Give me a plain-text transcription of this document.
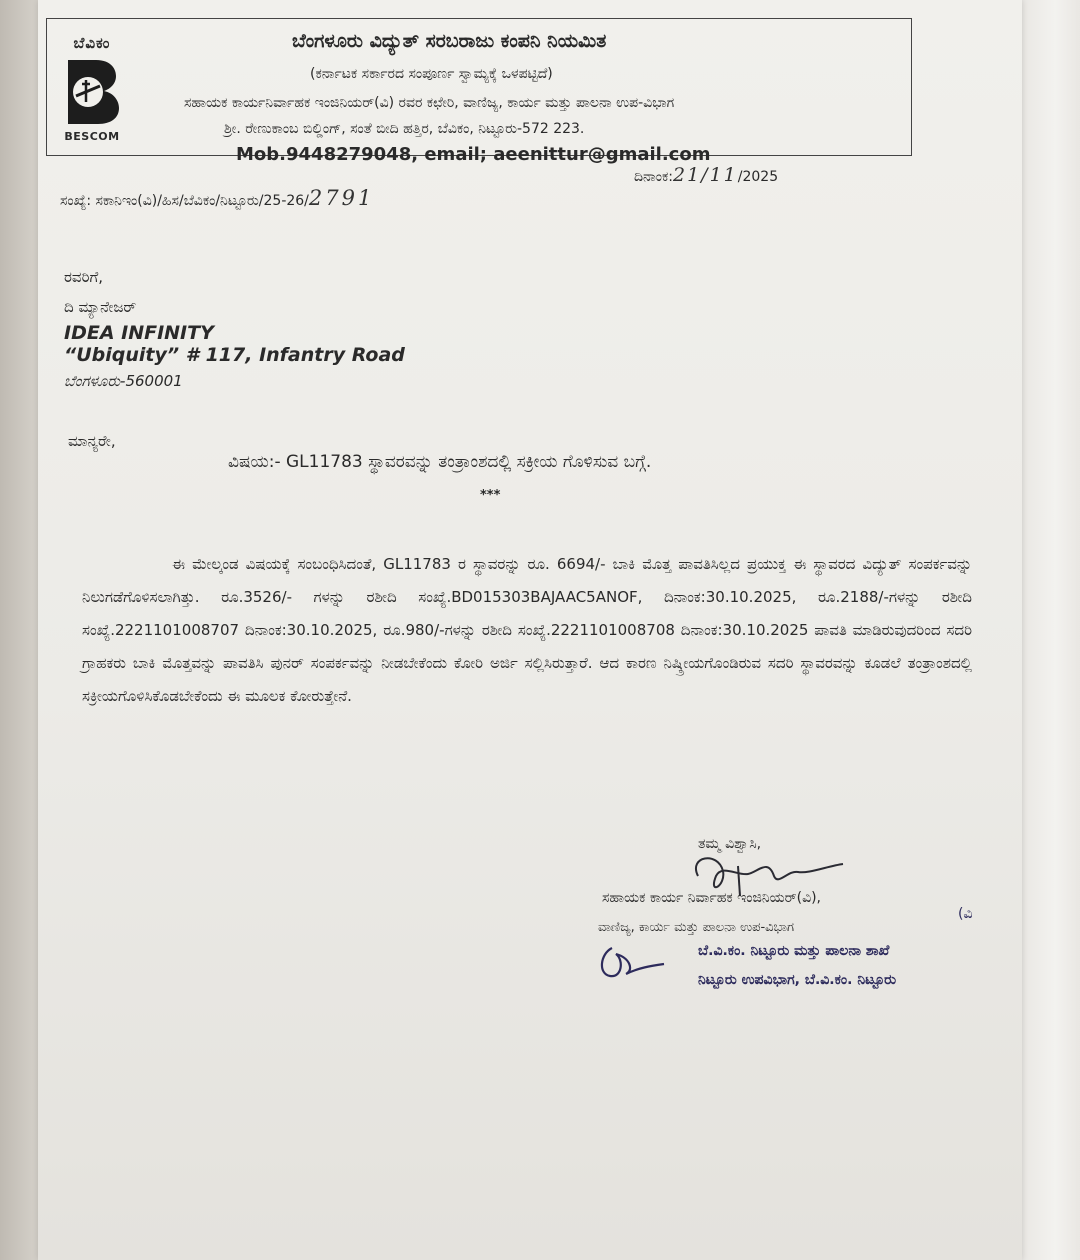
ಬೆವಿಕಂ
BESCOM
ಬೆಂಗಳೂರು ವಿದ್ಯುತ್ ಸರಬರಾಜು ಕಂಪನಿ ನಿಯಮಿತ
(ಕರ್ನಾಟಕ ಸರ್ಕಾರದ ಸಂಪೂರ್ಣ ಸ್ವಾಮ್ಯಕ್ಕೆ ಒಳಪಟ್ಟಿದೆ)
ಸಹಾಯಕ ಕಾರ್ಯನಿರ್ವಾಹಕ ಇಂಜಿನಿಯರ್(ವಿ) ರವರ ಕಛೇರಿ, ವಾಣಿಜ್ಯ, ಕಾರ್ಯ ಮತ್ತು ಪಾಲನಾ ಉಪ-ವಿಭಾಗ
ಶ್ರೀ. ರೇಣುಕಾಂಬ ಬಿಲ್ಡಿಂಗ್, ಸಂತೆ ಬೀದಿ ಹತ್ತಿರ, ಬೆವಿಕಂ, ನಿಟ್ಟೂರು-572 223.
Mob.9448279048, email; aeenittur@gmail.com
ಸಂಖ್ಯೆ: ಸಕಾನಿಇಂ(ವಿ)/ಹಿಸ/ಬೆವಿಕಂ/ನಿಟ್ಟೂರು/25-26/2791
ದಿನಾಂಕ:21/11/2025
ರವರಿಗೆ,
ದಿ ಮ್ಯಾನೇಜರ್
IDEA INFINITY
“Ubiquity” # 117, Infantry Road
ಬೆಂಗಳೂರು-560001
ಮಾನ್ಯರೇ,
ವಿಷಯ:- GL11783 ಸ್ಥಾವರವನ್ನು ತಂತ್ರಾಂಶದಲ್ಲಿ ಸಕ್ರೀಯ ಗೊಳಿಸುವ ಬಗ್ಗೆ.
***
ಈ ಮೇಲ್ಕಂಡ ವಿಷಯಕ್ಕೆ ಸಂಬಂಧಿಸಿದಂತೆ, GL11783 ರ ಸ್ಥಾವರನ್ನು ರೂ. 6694/- ಬಾಕಿ ಮೊತ್ತ ಪಾವತಿಸಿಲ್ಲದ ಪ್ರಯುಕ್ತ ಈ ಸ್ಥಾವರದ ವಿದ್ಯುತ್ ಸಂಪರ್ಕವನ್ನು ನಿಲುಗಡೆಗೊಳಿಸಲಾಗಿತ್ತು. ರೂ.3526/- ಗಳನ್ನು ರಶೀದಿ ಸಂಖ್ಯೆ.BD015303BAJAAC5ANOF, ದಿನಾಂಕ:30.10.2025, ರೂ.2188/-ಗಳನ್ನು ರಶೀದಿ ಸಂಖ್ಯೆ.2221101008707 ದಿನಾಂಕ:30.10.2025, ರೂ.980/-ಗಳನ್ನು ರಶೀದಿ ಸಂಖ್ಯೆ.2221101008708 ದಿನಾಂಕ:30.10.2025 ಪಾವತಿ ಮಾಡಿರುವುದರಿಂದ ಸದರಿ ಗ್ರಾಹಕರು ಬಾಕಿ ಮೊತ್ತವನ್ನು ಪಾವತಿಸಿ ಪುನರ್ ಸಂಪರ್ಕವನ್ನು ನೀಡಬೇಕೆಂದು ಕೋರಿ ಅರ್ಜಿ ಸಲ್ಲಿಸಿರುತ್ತಾರೆ. ಆದ ಕಾರಣ ನಿಷ್ಕ್ರೀಯಗೊಂಡಿರುವ ಸದರಿ ಸ್ಥಾವರವನ್ನು ಕೂಡಲೆ ತಂತ್ರಾಂಶದಲ್ಲಿ ಸಕ್ರೀಯಗೊಳಿಸಿಕೊಡಬೇಕೆಂದು ಈ ಮೂಲಕ ಕೋರುತ್ತೇನೆ.
ತಮ್ಮ ವಿಶ್ವಾಸಿ,
ಸಹಾಯಕ ಕಾರ್ಯ ನಿರ್ವಾಹಕ ಇಂಜಿನಿಯರ್(ವಿ),
ವಾಣಿಜ್ಯ, ಕಾರ್ಯ ಮತ್ತು ಪಾಲನಾ ಉಪ-ವಿಭಾಗ
(ವಿ
ಬೆ.ವಿ.ಕಂ. ನಿಟ್ಟೂರು ಮತ್ತು ಪಾಲನಾ ಶಾಖೆ
ನಿಟ್ಟೂರು ಉಪವಿಭಾಗ, ಬೆ.ವಿ.ಕಂ. ನಿಟ್ಟೂರು
